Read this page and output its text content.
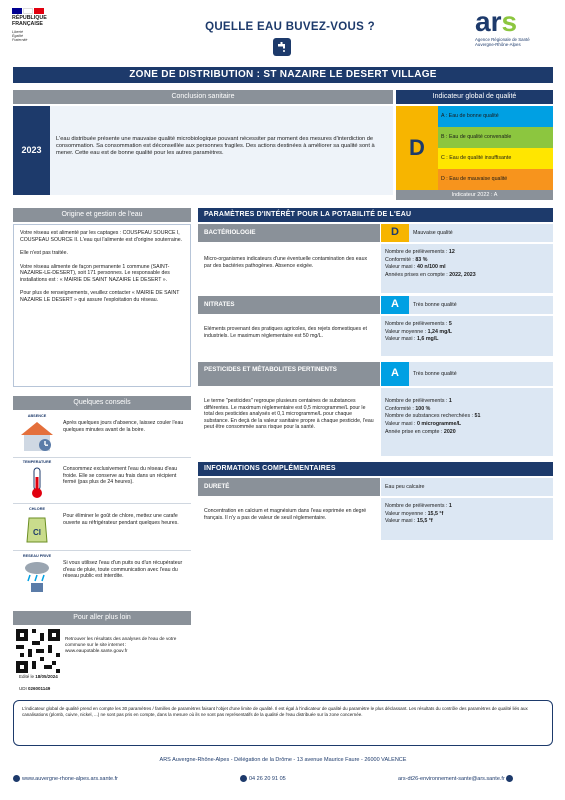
RÉPUBLIQUE
FRANÇAISE
Liberté
Égalité
Fraternité
QUELLE EAU BUVEZ-VOUS ?	ars
Agence Régionale de Santé
Auvergne-Rhône-Alpes
ZONE DE DISTRIBUTION : ST NAZAIRE LE DESERT VILLAGE
Conclusion sanitaire	Indicateur global de qualité
2023
L'eau distribuée présente une mauvaise qualité microbiologique pouvant nécessiter par moment des mesures d'interdiction de consommation. Sa consommation est déconseillée aux personnes fragiles. Des actions destinées à améliorer sa qualité sont à mener. Cette eau est de bonne qualité pour les autres paramètres.	D
A : Eau de bonne qualité
B : Eau de qualité convenable
C : Eau de qualité insuffisante
D : Eau de mauvaise qualité
Indicateur 2022 : A
Origine et gestion de l'eau

Votre réseau est alimenté par les captages : COUSPEAU SOURCE I, COUSPEAU SOURCE II. L'eau qui l'alimente est d'origine souterraine.

Elle n'est pas traitée.

Votre réseau alimente de façon permanente 1 commune (SAINT-NAZAIRE-LE-DESERT), soit 171 personnes. Le responsable des installations est : « MAIRIE DE SAINT NAZAIRE LE DESERT ».

Pour plus de renseignements, veuillez contacter « MAIRIE DE SAINT NAZAIRE LE DESERT » qui assure l'exploitation du réseau.

Quelques conseils
ABSENCE
Après quelques jours d'absence, laissez couler l'eau quelques minutes avant de la boire.
TEMPERATURE
Consommez exclusivement l'eau du réseau d'eau froide. Elle se conserve au frais dans un récipient fermé (pas plus de 24 heures).
CHLORE
Cl
Pour éliminer le goût de chlore, mettez une carafe ouverte au réfrigérateur pendant quelques heures.
RESEAU PRIVE
Si vous utilisez l'eau d'un puits ou d'un récupérateur d'eau de pluie, toute communication avec l'eau du réseau public est interdite.
Pour aller plus loin
Retrouver les résultats des analyses de l'eau de votre commune sur le site internet : www.eaupotable.sante.gouv.fr
Edité le 18/05/2024
UDI 026001149
PARAMÈTRES D'INTÉRÊT POUR LA POTABILITÉ DE L'EAU
BACTÉRIOLOGIE	D	Mauvaise qualité
Micro-organismes indicateurs d'une éventuelle contamination des eaux par des bactéries pathogènes. Absence exigée.
Nombre de prélèvements : 12
Conformité : 83 %
Valeur maxi : 40 n/100 ml
Années prises en compte : 2022, 2023
NITRATES	A	Très bonne qualité
Eléments provenant des pratiques agricoles, des rejets domestiques et industriels. Le maximum réglementaire est 50 mg/L.
Nombre de prélèvements : 5
Valeur moyenne : 1,24 mg/L
Valeur maxi : 1,6 mg/L
PESTICIDES ET MÉTABOLITES PERTINENTS	A	Très bonne qualité
Le terme "pesticides" regroupe plusieurs centaines de substances différentes. Le maximum réglementaire est 0,5 microgramme/L pour le total des pesticides analysés et 0,1 microgramme/L pour chaque substance. En deçà de la valeur sanitaire propre à chaque pesticide, l'eau peut être consommée sans risque pour la santé.
Nombre de prélèvements : 1
Conformité : 100 %
Nombre de substances recherchées : 51
Valeur maxi : 0 microgramme/L
Année prise en compte : 2020
INFORMATIONS COMPLÉMENTAIRES
DURETÉ	Eau peu calcaire
Concentration en calcium et magnésium dans l'eau exprimée en degré français. Il n'y a pas de valeur de seuil réglementaire.
Nombre de prélèvements : 1
Valeur moyenne : 15,5 °f
Valeur maxi : 15,5 °f
L'indicateur global de qualité prend en compte les 30 paramètres / familles de paramètres faisant l'objet d'une limite de qualité. Il est égal à l'indicateur de qualité du paramètre le plus déclassant. Les résultats du contrôle des paramètres de qualité liés aux canalisations (plomb, cuivre, nickel, ...) ne sont pas pris en compte, dans la mesure où ils ne sont pas représentatifs de la qualité de l'eau distribuée sur la zone concernée.
ARS Auvergne-Rhône-Alpes - Délégation de la Drôme - 13 avenue Maurice Faure - 26000 VALENCE
www.auvergne-rhone-alpes.ars.sante.fr	04 26 20 91 05	ars-dt26-environnement-sante@ars.sante.fr
